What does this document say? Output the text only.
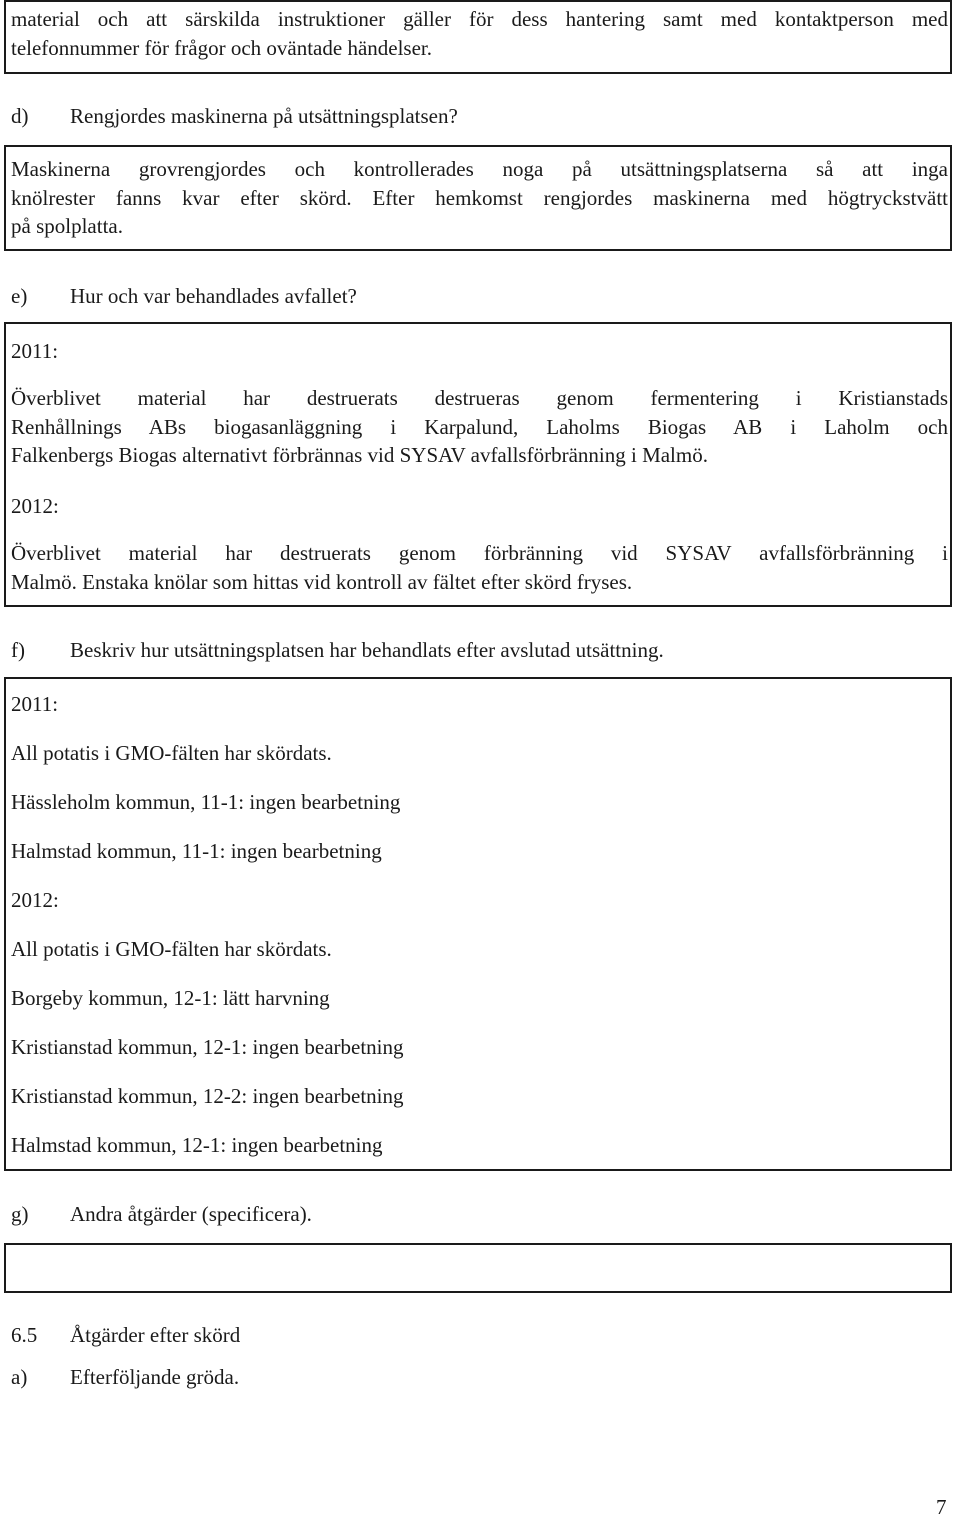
material och att särskilda instruktioner gäller för dess hantering samt med kontaktperson med
telefonnummer för frågor och oväntade händelser.
d) Rengjordes maskinerna på utsättningsplatsen?
Maskinerna grovrengjordes och kontrollerades noga på utsättningsplatserna så att inga
knölrester fanns kvar efter skörd. Efter hemkomst rengjordes maskinerna med högtryckstvätt
på spolplatta.
e) Hur och var behandlades avfallet?
2011:
Överblivet material har destruerats destrueras genom fermentering i Kristianstads
Renhållnings ABs biogasanläggning i Karpalund, Laholms Biogas AB i Laholm och
Falkenbergs Biogas alternativt förbrännas vid SYSAV avfallsförbränning i Malmö.
2012:
Överblivet material har destruerats genom förbränning vid SYSAV avfallsförbränning i
Malmö. Enstaka knölar som hittas vid kontroll av fältet efter skörd fryses.
f) Beskriv hur utsättningsplatsen har behandlats efter avslutad utsättning.
2011:
All potatis i GMO-fälten har skördats.
Hässleholm kommun, 11-1: ingen bearbetning
Halmstad kommun, 11-1: ingen bearbetning
2012:
All potatis i GMO-fälten har skördats.
Borgeby kommun, 12-1: lätt harvning
Kristianstad kommun, 12-1: ingen bearbetning
Kristianstad kommun, 12-2: ingen bearbetning
Halmstad kommun, 12-1: ingen bearbetning
g) Andra åtgärder (specificera).
6.5 Åtgärder efter skörd
a) Efterföljande gröda.
7
